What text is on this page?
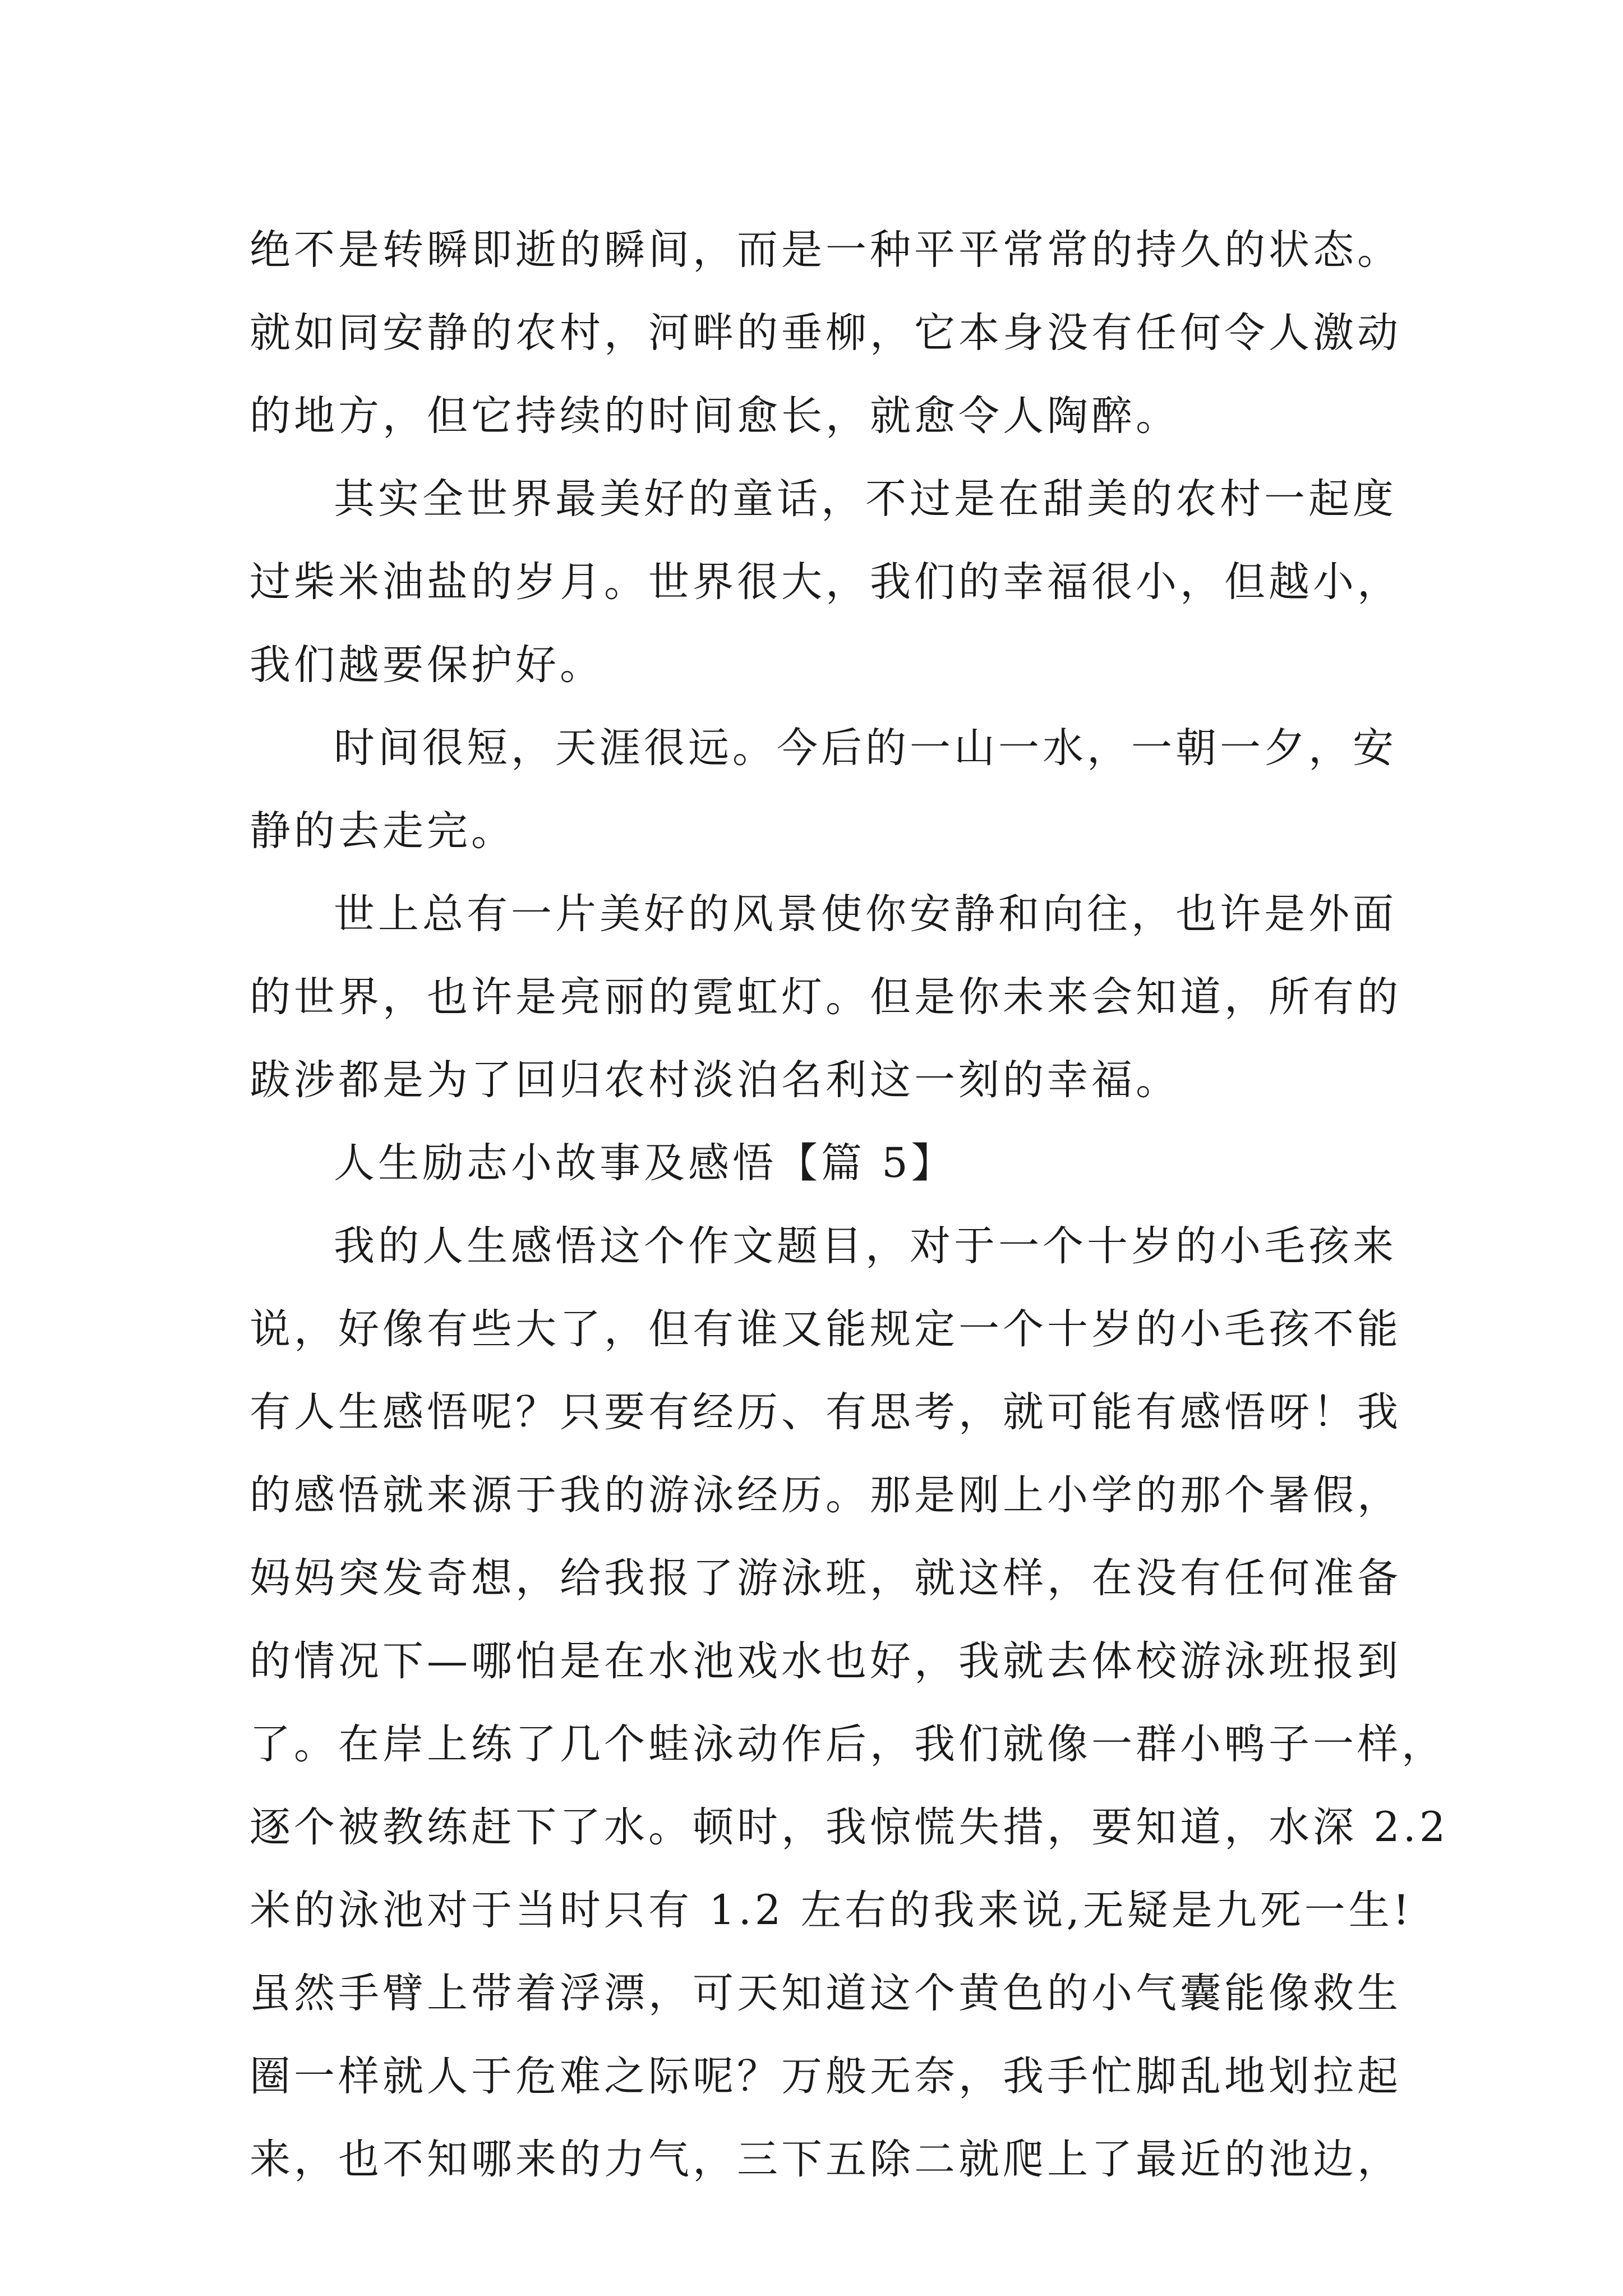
绝不是转瞬即逝的瞬间，而是一种平平常常的持久的状态。
就如同安静的农村，河畔的垂柳，它本身没有任何令人激动
的地方，但它持续的时间愈长，就愈令人陶醉。

其实全世界最美好的童话，不过是在甜美的农村一起度
过柴米油盐的岁月。世界很大，我们的幸福很小，但越小，
我们越要保护好。

时间很短，天涯很远。今后的一山一水，一朝一夕，安
静的去走完。

世上总有一片美好的风景使你安静和向往，也许是外面
的世界，也许是亮丽的霓虹灯。但是你未来会知道，所有的
跋涉都是为了回归农村淡泊名利这一刻的幸福。

人生励志小故事及感悟【篇 5】

我的人生感悟这个作文题目，对于一个十岁的小毛孩来
说，好像有些大了，但有谁又能规定一个十岁的小毛孩不能
有人生感悟呢？只要有经历、有思考，就可能有感悟呀！我
的感悟就来源于我的游泳经历。那是刚上小学的那个暑假，
妈妈突发奇想，给我报了游泳班，就这样，在没有任何准备
的情况下—哪怕是在水池戏水也好，我就去体校游泳班报到
了。在岸上练了几个蛙泳动作后，我们就像一群小鸭子一样，
逐个被教练赶下了水。顿时，我惊慌失措，要知道，水深 2.2
米的泳池对于当时只有 1.2 左右的我来说,无疑是九死一生!
虽然手臂上带着浮漂，可天知道这个黄色的小气囊能像救生
圈一样就人于危难之际呢？万般无奈，我手忙脚乱地划拉起
来，也不知哪来的力气，三下五除二就爬上了最近的池边，
